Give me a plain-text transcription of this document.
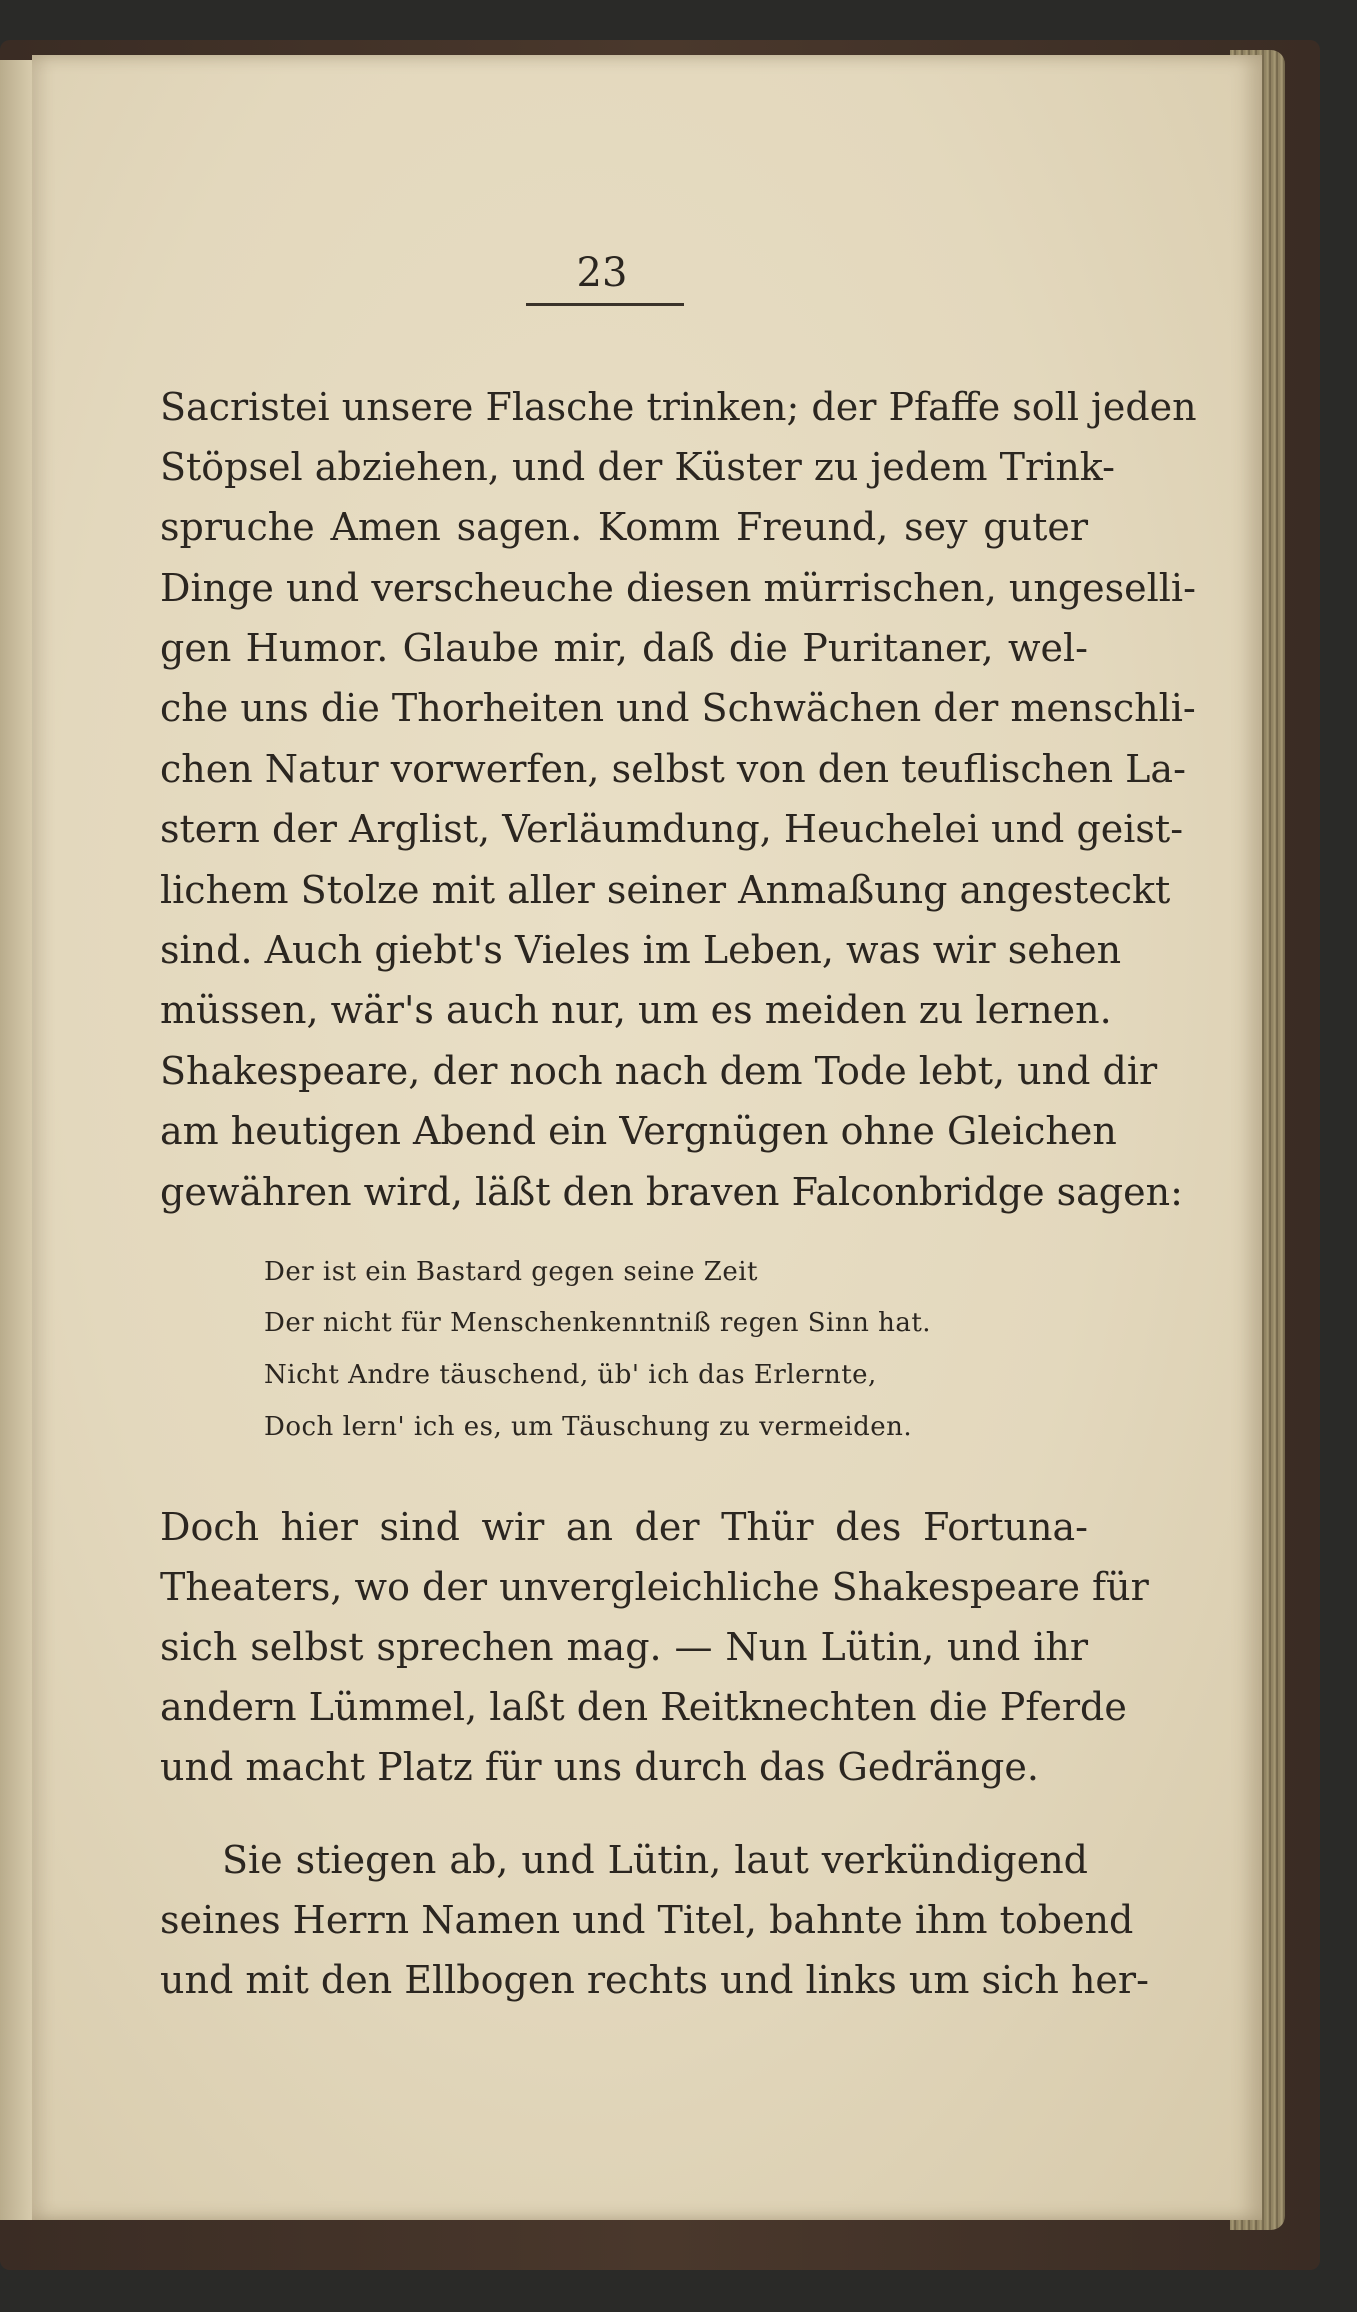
23

Sacristei unsere Flasche trinken; der Pfaffe soll jeden

Stöpsel abziehen, und der Küster zu jedem Trink-

spruche Amen sagen. Komm Freund, sey guter

Dinge und verscheuche diesen mürrischen, ungeselli-

gen Humor. Glaube mir, daß die Puritaner, wel-

che uns die Thorheiten und Schwächen der menschli-

chen Natur vorwerfen, selbst von den teuflischen La-

stern der Arglist, Verläumdung, Heuchelei und geist-

lichem Stolze mit aller seiner Anmaßung angesteckt

sind. Auch giebt's Vieles im Leben, was wir sehen

müssen, wär's auch nur, um es meiden zu lernen.

Shakespeare, der noch nach dem Tode lebt, und dir

am heutigen Abend ein Vergnügen ohne Gleichen

gewähren wird, läßt den braven Falconbridge sagen:

Der ist ein Bastard gegen seine Zeit

Der nicht für Menschenkenntniß regen Sinn hat.

Nicht Andre täuschend, üb' ich das Erlernte,

Doch lern' ich es, um Täuschung zu vermeiden.

Doch hier sind wir an der Thür des Fortuna-

Theaters, wo der unvergleichliche Shakespeare für

sich selbst sprechen mag. — Nun Lütin, und ihr

andern Lümmel, laßt den Reitknechten die Pferde

und macht Platz für uns durch das Gedränge.

Sie stiegen ab, und Lütin, laut verkündigend

seines Herrn Namen und Titel, bahnte ihm tobend

und mit den Ellbogen rechts und links um sich her-
